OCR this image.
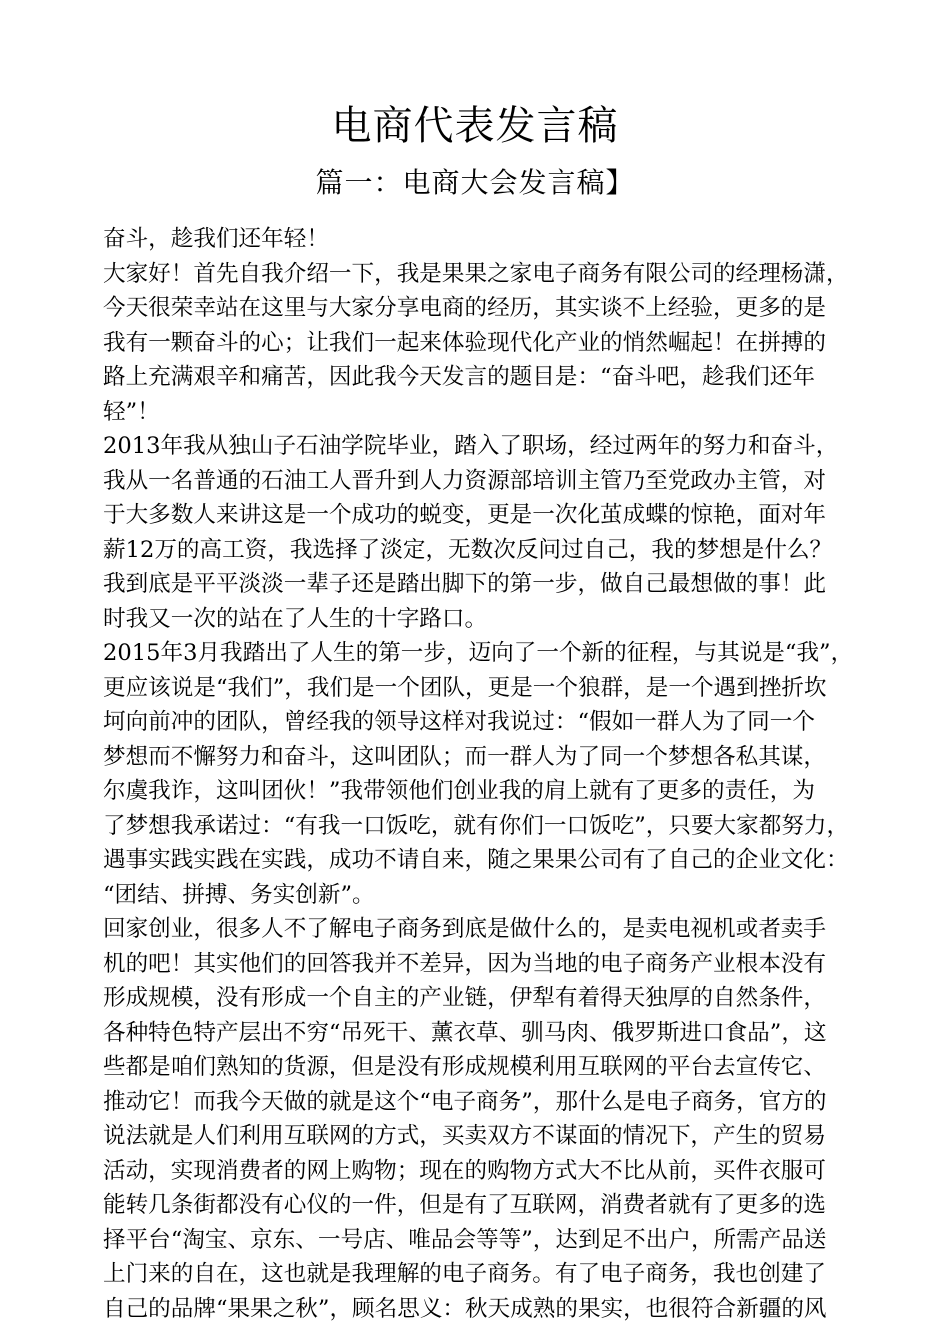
电商代表发言稿
篇一：电商大会发言稿】
奋斗，趁我们还年轻！
大家好！首先自我介绍一下，我是果果之家电子商务有限公司的经理杨潇，
今天很荣幸站在这里与大家分享电商的经历，其实谈不上经验，更多的是
我有一颗奋斗的心；让我们一起来体验现代化产业的悄然崛起！在拼搏的
路上充满艰辛和痛苦，因此我今天发言的题目是：“奋斗吧，趁我们还年
轻”！
2013年我从独山子石油学院毕业，踏入了职场，经过两年的努力和奋斗，
我从一名普通的石油工人晋升到人力资源部培训主管乃至党政办主管，对
于大多数人来讲这是一个成功的蜕变，更是一次化茧成蝶的惊艳，面对年
薪12万的高工资，我选择了淡定，无数次反问过自己，我的梦想是什么？
我到底是平平淡淡一辈子还是踏出脚下的第一步，做自己最想做的事！此
时我又一次的站在了人生的十字路口。
2015年3月我踏出了人生的第一步，迈向了一个新的征程，与其说是“我”，
更应该说是“我们”，我们是一个团队，更是一个狼群，是一个遇到挫折坎
坷向前冲的团队，曾经我的领导这样对我说过：“假如一群人为了同一个
梦想而不懈努力和奋斗，这叫团队；而一群人为了同一个梦想各私其谋，
尔虞我诈，这叫团伙！”我带领他们创业我的肩上就有了更多的责任，为
了梦想我承诺过：“有我一口饭吃，就有你们一口饭吃”，只要大家都努力，
遇事实践实践在实践，成功不请自来，随之果果公司有了自己的企业文化：
“团结、拼搏、务实创新”。
回家创业，很多人不了解电子商务到底是做什么的，是卖电视机或者卖手
机的吧！其实他们的回答我并不差异，因为当地的电子商务产业根本没有
形成规模，没有形成一个自主的产业链，伊犁有着得天独厚的自然条件，
各种特色特产层出不穷“吊死干、薰衣草、驯马肉、俄罗斯进口食品”，这
些都是咱们熟知的货源，但是没有形成规模利用互联网的平台去宣传它、
推动它！而我今天做的就是这个“电子商务”，那什么是电子商务，官方的
说法就是人们利用互联网的方式，买卖双方不谋面的情况下，产生的贸易
活动，实现消费者的网上购物；现在的购物方式大不比从前，买件衣服可
能转几条街都没有心仪的一件，但是有了互联网，消费者就有了更多的选
择平台“淘宝、京东、一号店、唯品会等等”，达到足不出户，所需产品送
上门来的自在，这也就是我理解的电子商务。有了电子商务，我也创建了
自己的品牌“果果之秋”，顾名思义：秋天成熟的果实，也很符合新疆的风
